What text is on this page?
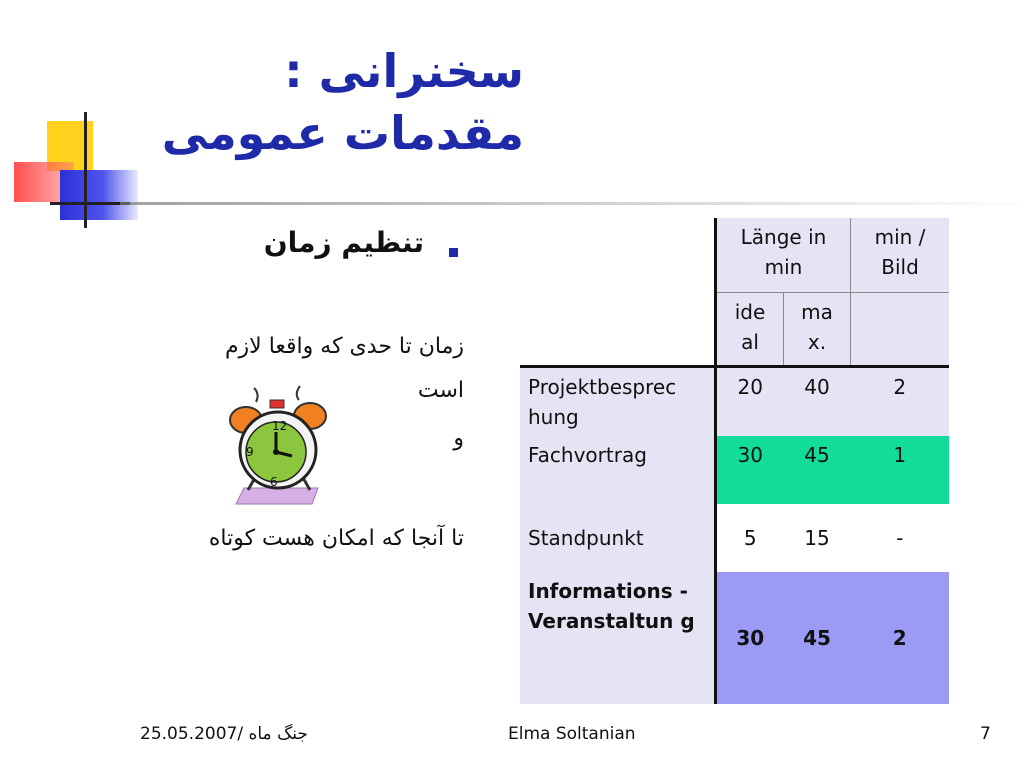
سخنرانی : مقدمات عمومی
تنظیم زمان
زمان تا حدی که واقعا لازم
است
و
تا آنجا که امکان هست کوتاه
12
9
6
	Länge in min		min / Bild
	ide al	ma x.	
Projektbesprec hung	20	40	2
Fachvortrag	30	45	1
Standpunkt	5	15	-
Informations - Veranstaltun g	30	45	2
جنگ ماه /25.05.2007	Elma Soltanian	7
